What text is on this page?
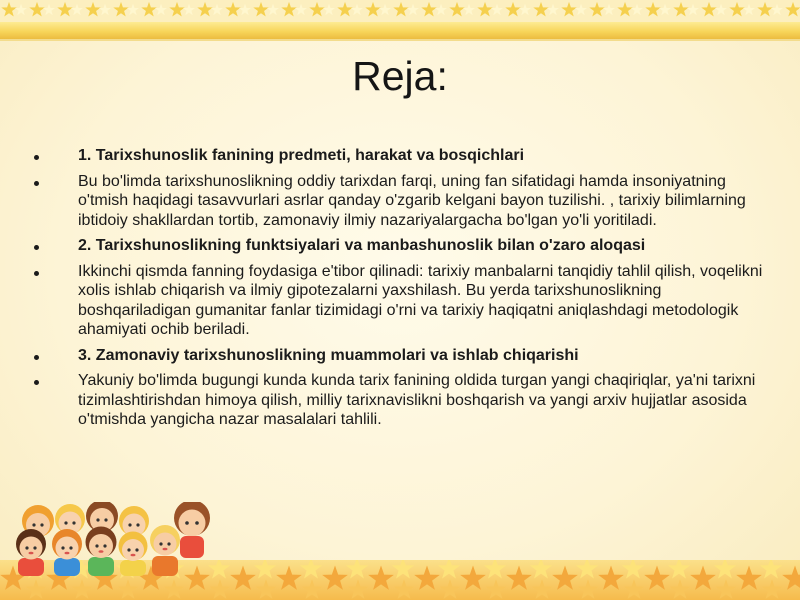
Reja:
1. Tarixshunoslik fanining predmeti, harakat va bosqichlari
Bu bo'limda tarixshunoslikning oddiy tarixdan farqi, uning fan sifatidagi hamda insoniyatning o'tmish haqidagi tasavvurlari asrlar qanday o'zgarib kelgani bayon tuzilishi. , tarixiy bilimlarning ibtidoiy shakllardan tortib, zamonaviy ilmiy nazariyalargacha bo'lgan yo'li yoritiladi.
2. Tarixshunoslikning funktsiyalari va manbashunoslik bilan o'zaro aloqasi
Ikkinchi qismda fanning foydasiga e'tibor qilinadi: tarixiy manbalarni tanqidiy tahlil qilish, voqelikni xolis ishlab chiqarish va ilmiy gipotezalarni yaxshilash. Bu yerda tarixshunoslikning boshqariladigan gumanitar fanlar tizimidagi o'rni va tarixiy haqiqatni aniqlashdagi metodologik ahamiyati ochib beriladi.
3. Zamonaviy tarixshunoslikning muammolari va ishlab chiqarishi
Yakuniy bo'limda bugungi kunda kunda tarix fanining oldida turgan yangi chaqiriqlar, ya'ni tarixni tizimlashtirishdan himoya qilish, milliy tarixnavislikni boshqarish va yangi arxiv hujjatlar asosida o'tmishda yangicha nazar masalalari tahlili.
